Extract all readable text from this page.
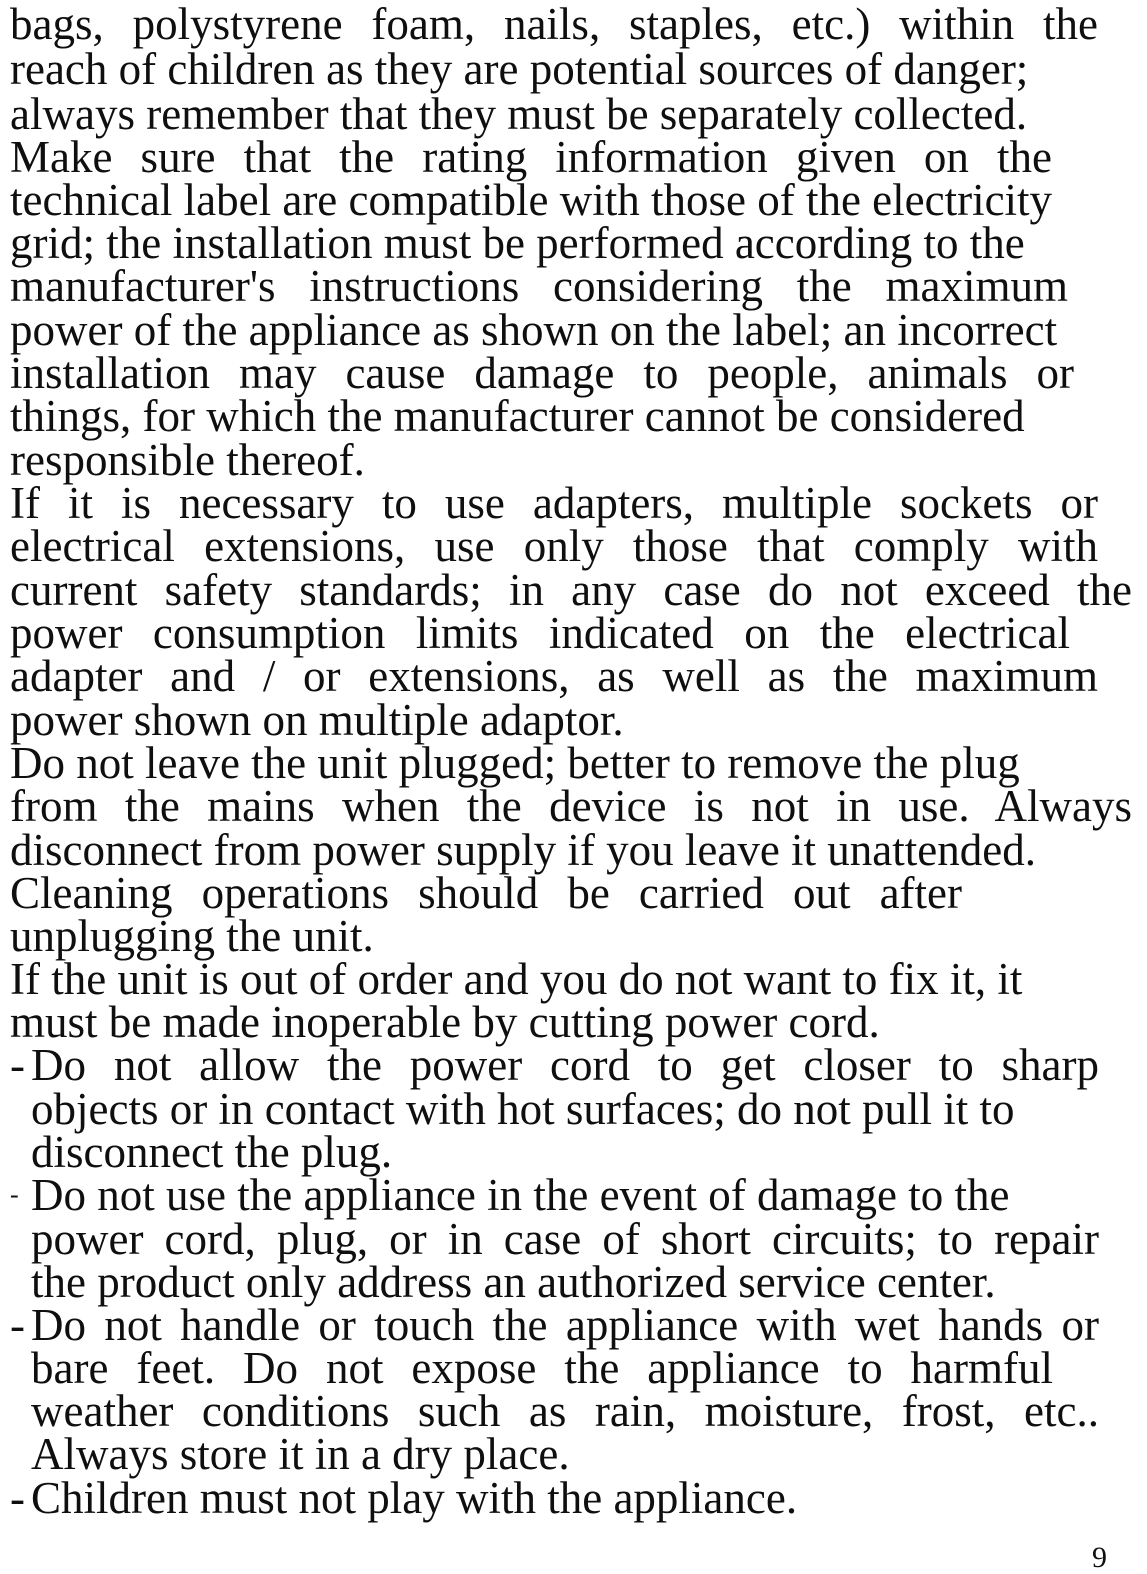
bags, polystyrene foam, nails, staples, etc.) within the
reach of children as they are potential sources of danger;
always remember that they must be separately collected.
Make sure that the rating information given on the
technical label are compatible with those of the electricity
grid; the installation must be performed according to the
manufacturer's instructions considering the maximum
power of the appliance as shown on the label; an incorrect
installation may cause damage to people, animals or
things, for which the manufacturer cannot be considered
responsible thereof.
If it is necessary to use adapters, multiple sockets or
electrical extensions, use only those that comply with
current safety standards; in any case do not exceed the
power consumption limits indicated on the electrical
adapter and / or extensions, as well as the maximum
power shown on multiple adaptor.
Do not leave the unit plugged; better to remove the plug
from the mains when the device is not in use. Always
disconnect from power supply if you leave it unattended.
Cleaning operations should be carried out after
unplugging the unit.
If the unit is out of order and you do not want to fix it, it
must be made inoperable by cutting power cord.
- Do not allow the power cord to get closer to sharp
objects or in contact with hot surfaces; do not pull it to
disconnect the plug.
- Do not use the appliance in the event of damage to the
power cord, plug, or in case of short circuits; to repair
the product only address an authorized service center.
- Do not handle or touch the appliance with wet hands or
bare feet. Do not expose the appliance to harmful
weather conditions such as rain, moisture, frost, etc..
Always store it in a dry place.
- Children must not play with the appliance.
9
